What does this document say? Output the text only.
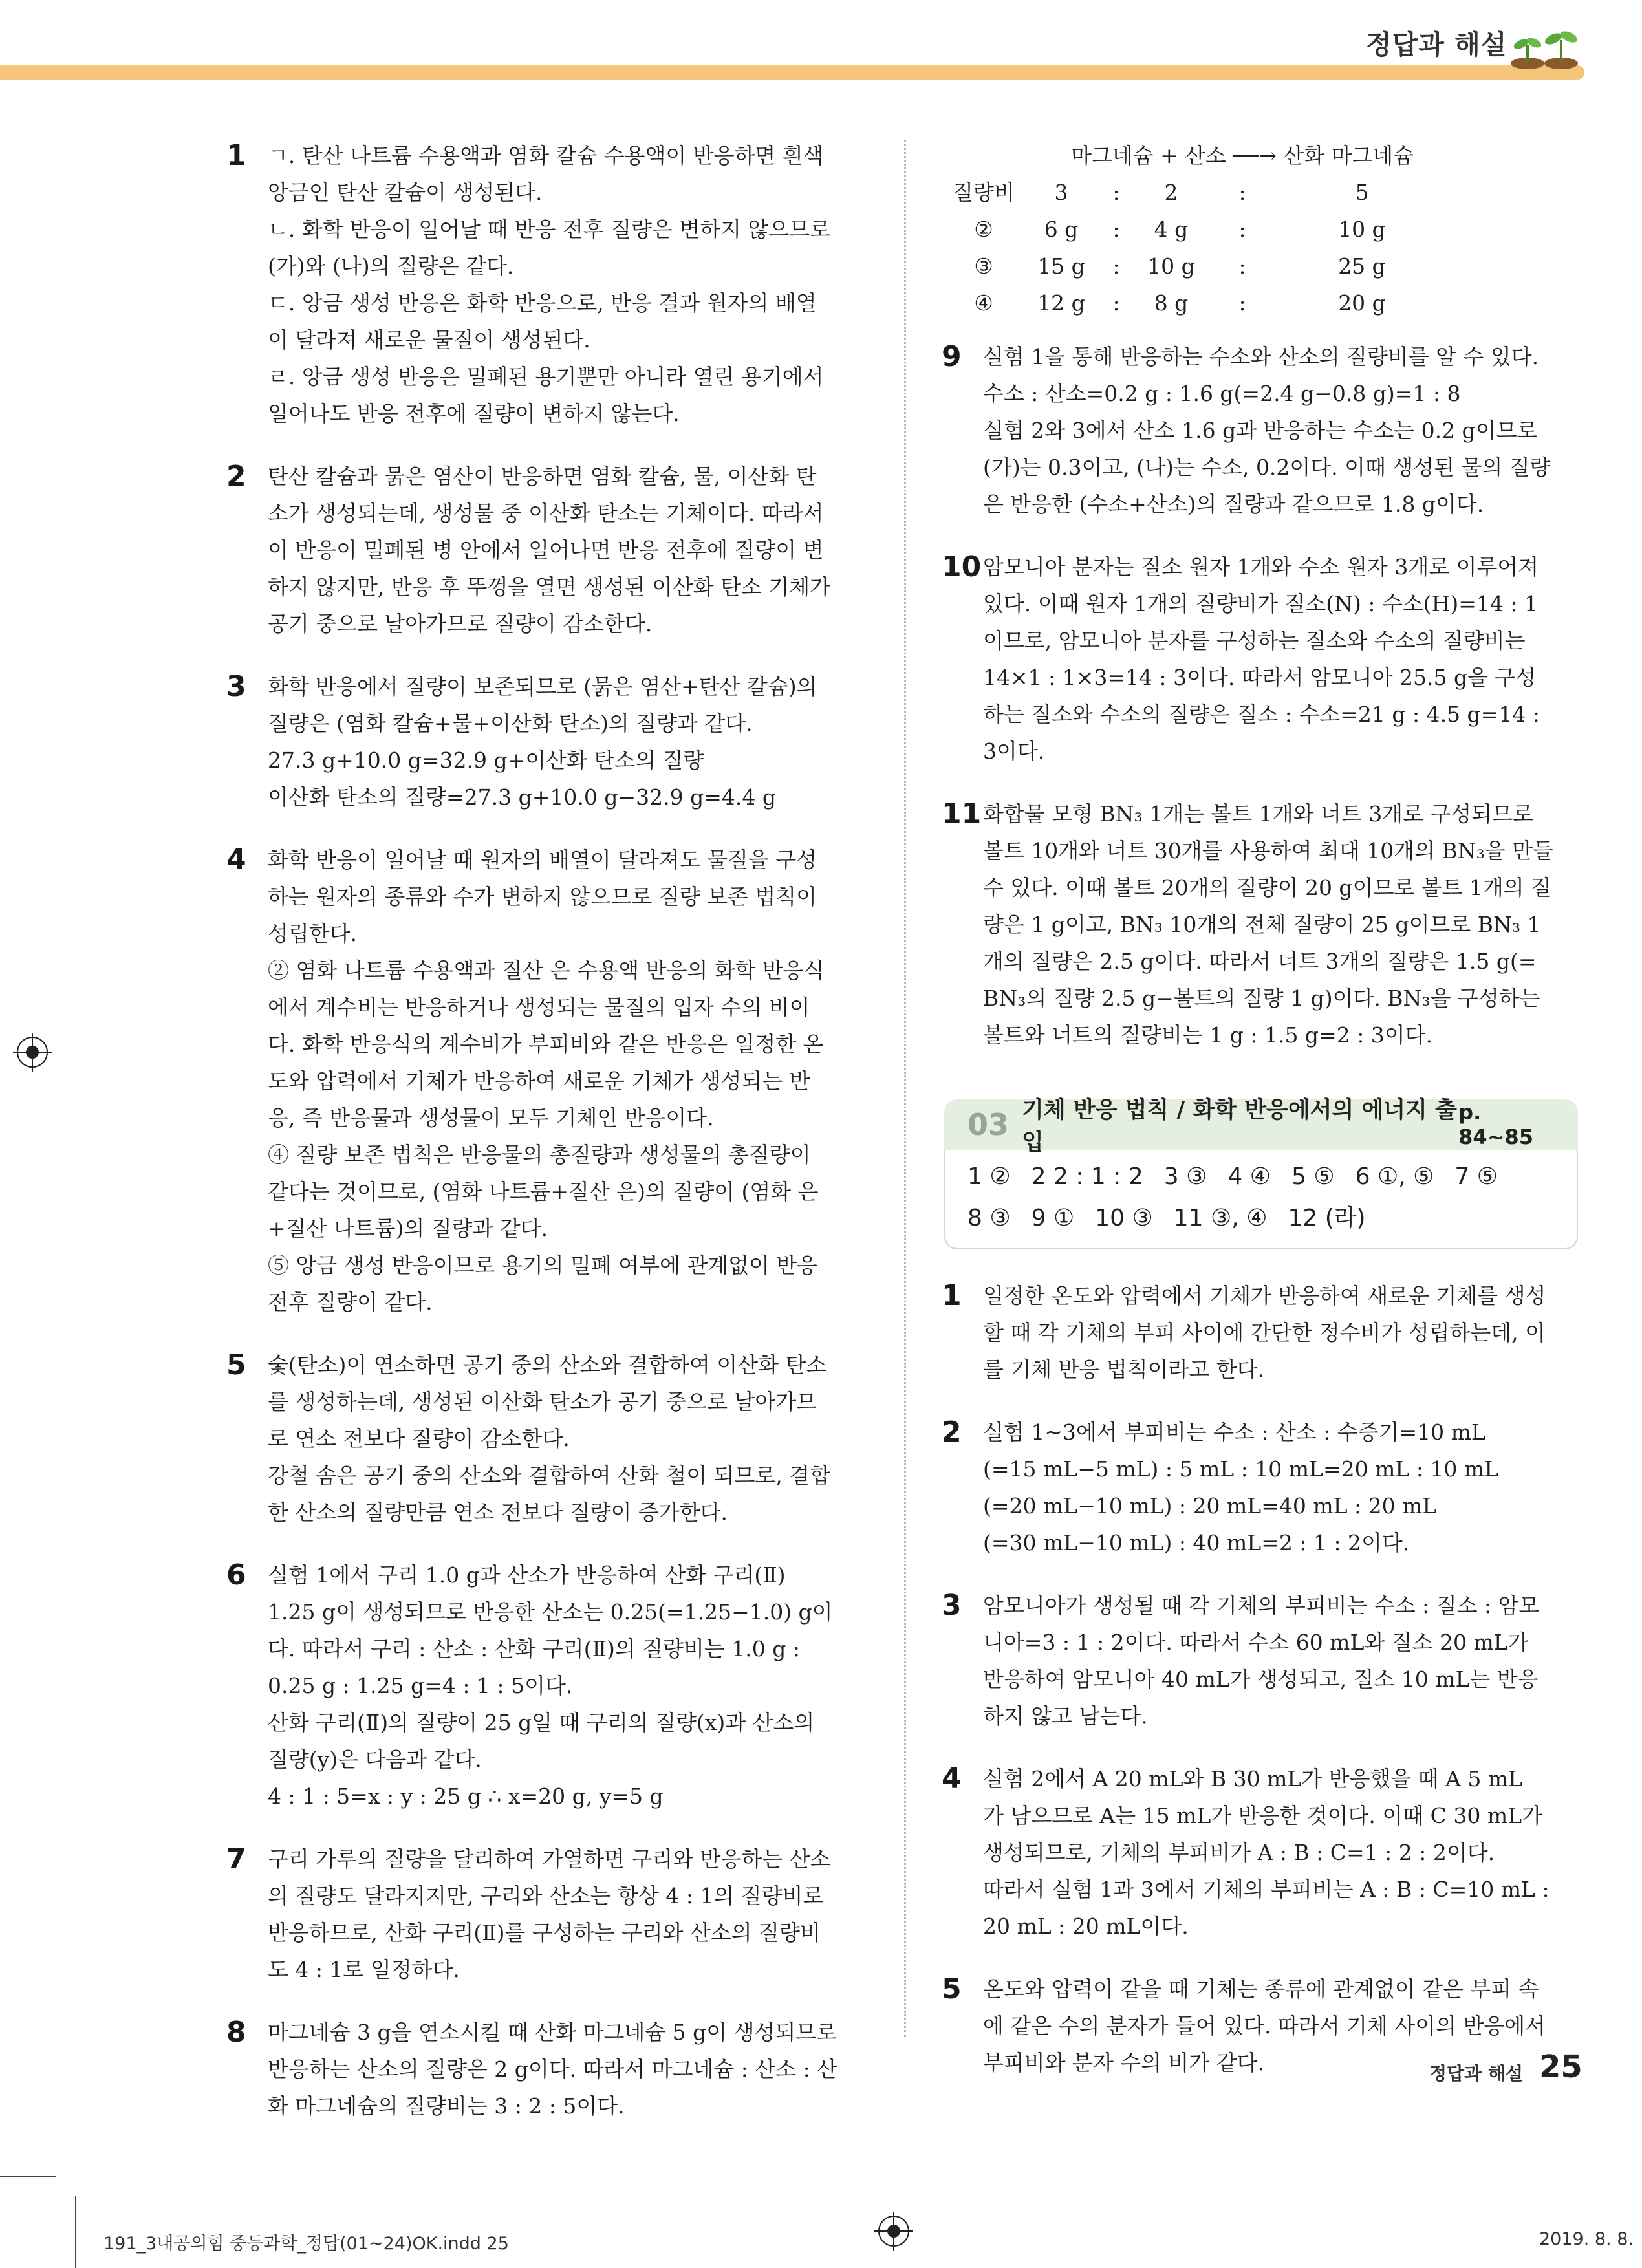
정답과 해설
1 ㄱ. 탄산 나트륨 수용액과 염화 칼슘 수용액이 반응하면 흰색

앙금인 탄산 칼슘이 생성된다.

ㄴ. 화학 반응이 일어날 때 반응 전후 질량은 변하지 않으므로

(가)와 (나)의 질량은 같다.

ㄷ. 앙금 생성 반응은 화학 반응으로, 반응 결과 원자의 배열

이 달라져 새로운 물질이 생성된다.

ㄹ. 앙금 생성 반응은 밀폐된 용기뿐만 아니라 열린 용기에서

일어나도 반응 전후에 질량이 변하지 않는다.

2 탄산 칼슘과 묽은 염산이 반응하면 염화 칼슘, 물, 이산화 탄

소가 생성되는데, 생성물 중 이산화 탄소는 기체이다. 따라서

이 반응이 밀폐된 병 안에서 일어나면 반응 전후에 질량이 변

하지 않지만, 반응 후 뚜껑을 열면 생성된 이산화 탄소 기체가

공기 중으로 날아가므로 질량이 감소한다.

3 화학 반응에서 질량이 보존되므로 (묽은 염산+탄산 칼슘)의

질량은 (염화 칼슘+물+이산화 탄소)의 질량과 같다.

27.3 g+10.0 g=32.9 g+이산화 탄소의 질량

이산화 탄소의 질량=27.3 g+10.0 g−32.9 g=4.4 g

4 화학 반응이 일어날 때 원자의 배열이 달라져도 물질을 구성

하는 원자의 종류와 수가 변하지 않으므로 질량 보존 법칙이

성립한다.

② 염화 나트륨 수용액과 질산 은 수용액 반응의 화학 반응식

에서 계수비는 반응하거나 생성되는 물질의 입자 수의 비이

다. 화학 반응식의 계수비가 부피비와 같은 반응은 일정한 온

도와 압력에서 기체가 반응하여 새로운 기체가 생성되는 반

응, 즉 반응물과 생성물이 모두 기체인 반응이다.

④ 질량 보존 법칙은 반응물의 총질량과 생성물의 총질량이

같다는 것이므로, (염화 나트륨+질산 은)의 질량이 (염화 은

+질산 나트륨)의 질량과 같다.

⑤ 앙금 생성 반응이므로 용기의 밀폐 여부에 관계없이 반응

전후 질량이 같다.

5 숯(탄소)이 연소하면 공기 중의 산소와 결합하여 이산화 탄소

를 생성하는데, 생성된 이산화 탄소가 공기 중으로 날아가므

로 연소 전보다 질량이 감소한다.

강철 솜은 공기 중의 산소와 결합하여 산화 철이 되므로, 결합

한 산소의 질량만큼 연소 전보다 질량이 증가한다.

6 실험 1에서 구리 1.0 g과 산소가 반응하여 산화 구리(Ⅱ)

1.25 g이 생성되므로 반응한 산소는 0.25(=1.25−1.0) g이

다. 따라서 구리 : 산소 : 산화 구리(Ⅱ)의 질량비는 1.0 g :

0.25 g : 1.25 g=4 : 1 : 5이다.

산화 구리(Ⅱ)의 질량이 25 g일 때 구리의 질량(x)과 산소의

질량(y)은 다음과 같다.

4 : 1 : 5=x : y : 25 g ∴ x=20 g, y=5 g

7 구리 가루의 질량을 달리하여 가열하면 구리와 반응하는 산소

의 질량도 달라지지만, 구리와 산소는 항상 4 : 1의 질량비로

반응하므로, 산화 구리(Ⅱ)를 구성하는 구리와 산소의 질량비

도 4 : 1로 일정하다.

8 마그네슘 3 g을 연소시킬 때 산화 마그네슘 5 g이 생성되므로

반응하는 산소의 질량은 2 g이다. 따라서 마그네슘 : 산소 : 산

화 마그네슘의 질량비는 3 : 2 : 5이다.

마그네슘 + 산소 ──→ 산화 마그네슘
질량비	3	:	2	:	5
②	6 g	:	4 g	:	10 g
③	15 g	:	10 g	:	25 g
④	12 g	:	8 g	:	20 g
9 실험 1을 통해 반응하는 수소와 산소의 질량비를 알 수 있다.

수소 : 산소=0.2 g : 1.6 g(=2.4 g−0.8 g)=1 : 8

실험 2와 3에서 산소 1.6 g과 반응하는 수소는 0.2 g이므로

(가)는 0.3이고, (나)는 수소, 0.2이다. 이때 생성된 물의 질량

은 반응한 (수소+산소)의 질량과 같으므로 1.8 g이다.

10 암모니아 분자는 질소 원자 1개와 수소 원자 3개로 이루어져

있다. 이때 원자 1개의 질량비가 질소(N) : 수소(H)=14 : 1

이므로, 암모니아 분자를 구성하는 질소와 수소의 질량비는

14×1 : 1×3=14 : 3이다. 따라서 암모니아 25.5 g을 구성

하는 질소와 수소의 질량은 질소 : 수소=21 g : 4.5 g=14 :

3이다.

11 화합물 모형 BN₃ 1개는 볼트 1개와 너트 3개로 구성되므로

볼트 10개와 너트 30개를 사용하여 최대 10개의 BN₃을 만들

수 있다. 이때 볼트 20개의 질량이 20 g이므로 볼트 1개의 질

량은 1 g이고, BN₃ 10개의 전체 질량이 25 g이므로 BN₃ 1

개의 질량은 2.5 g이다. 따라서 너트 3개의 질량은 1.5 g(=

BN₃의 질량 2.5 g−볼트의 질량 1 g)이다. BN₃을 구성하는

볼트와 너트의 질량비는 1 g : 1.5 g=2 : 3이다.

03 기체 반응 법칙 / 화학 반응에서의 에너지 출입
p. 84~85
1 ② 2 2 : 1 : 2 3 ③ 4 ④ 5 ⑤ 6 ①, ⑤ 7 ⑤
8 ③ 9 ① 10 ③ 11 ③, ④ 12 (라)
1 일정한 온도와 압력에서 기체가 반응하여 새로운 기체를 생성

할 때 각 기체의 부피 사이에 간단한 정수비가 성립하는데, 이

를 기체 반응 법칙이라고 한다.

2 실험 1~3에서 부피비는 수소 : 산소 : 수증기=10 mL

(=15 mL−5 mL) : 5 mL : 10 mL=20 mL : 10 mL

(=20 mL−10 mL) : 20 mL=40 mL : 20 mL

(=30 mL−10 mL) : 40 mL=2 : 1 : 2이다.

3 암모니아가 생성될 때 각 기체의 부피비는 수소 : 질소 : 암모

니아=3 : 1 : 2이다. 따라서 수소 60 mL와 질소 20 mL가

반응하여 암모니아 40 mL가 생성되고, 질소 10 mL는 반응

하지 않고 남는다.

4 실험 2에서 A 20 mL와 B 30 mL가 반응했을 때 A 5 mL

가 남으므로 A는 15 mL가 반응한 것이다. 이때 C 30 mL가

생성되므로, 기체의 부피비가 A : B : C=1 : 2 : 2이다.

따라서 실험 1과 3에서 기체의 부피비는 A : B : C=10 mL :

20 mL : 20 mL이다.

5 온도와 압력이 같을 때 기체는 종류에 관계없이 같은 부피 속

에 같은 수의 분자가 들어 있다. 따라서 기체 사이의 반응에서

부피비와 분자 수의 비가 같다.	정답과 해설 25
191_3내공의힘 중등과학_정답(01~24)OK.indd 25	2019. 8. 8.
